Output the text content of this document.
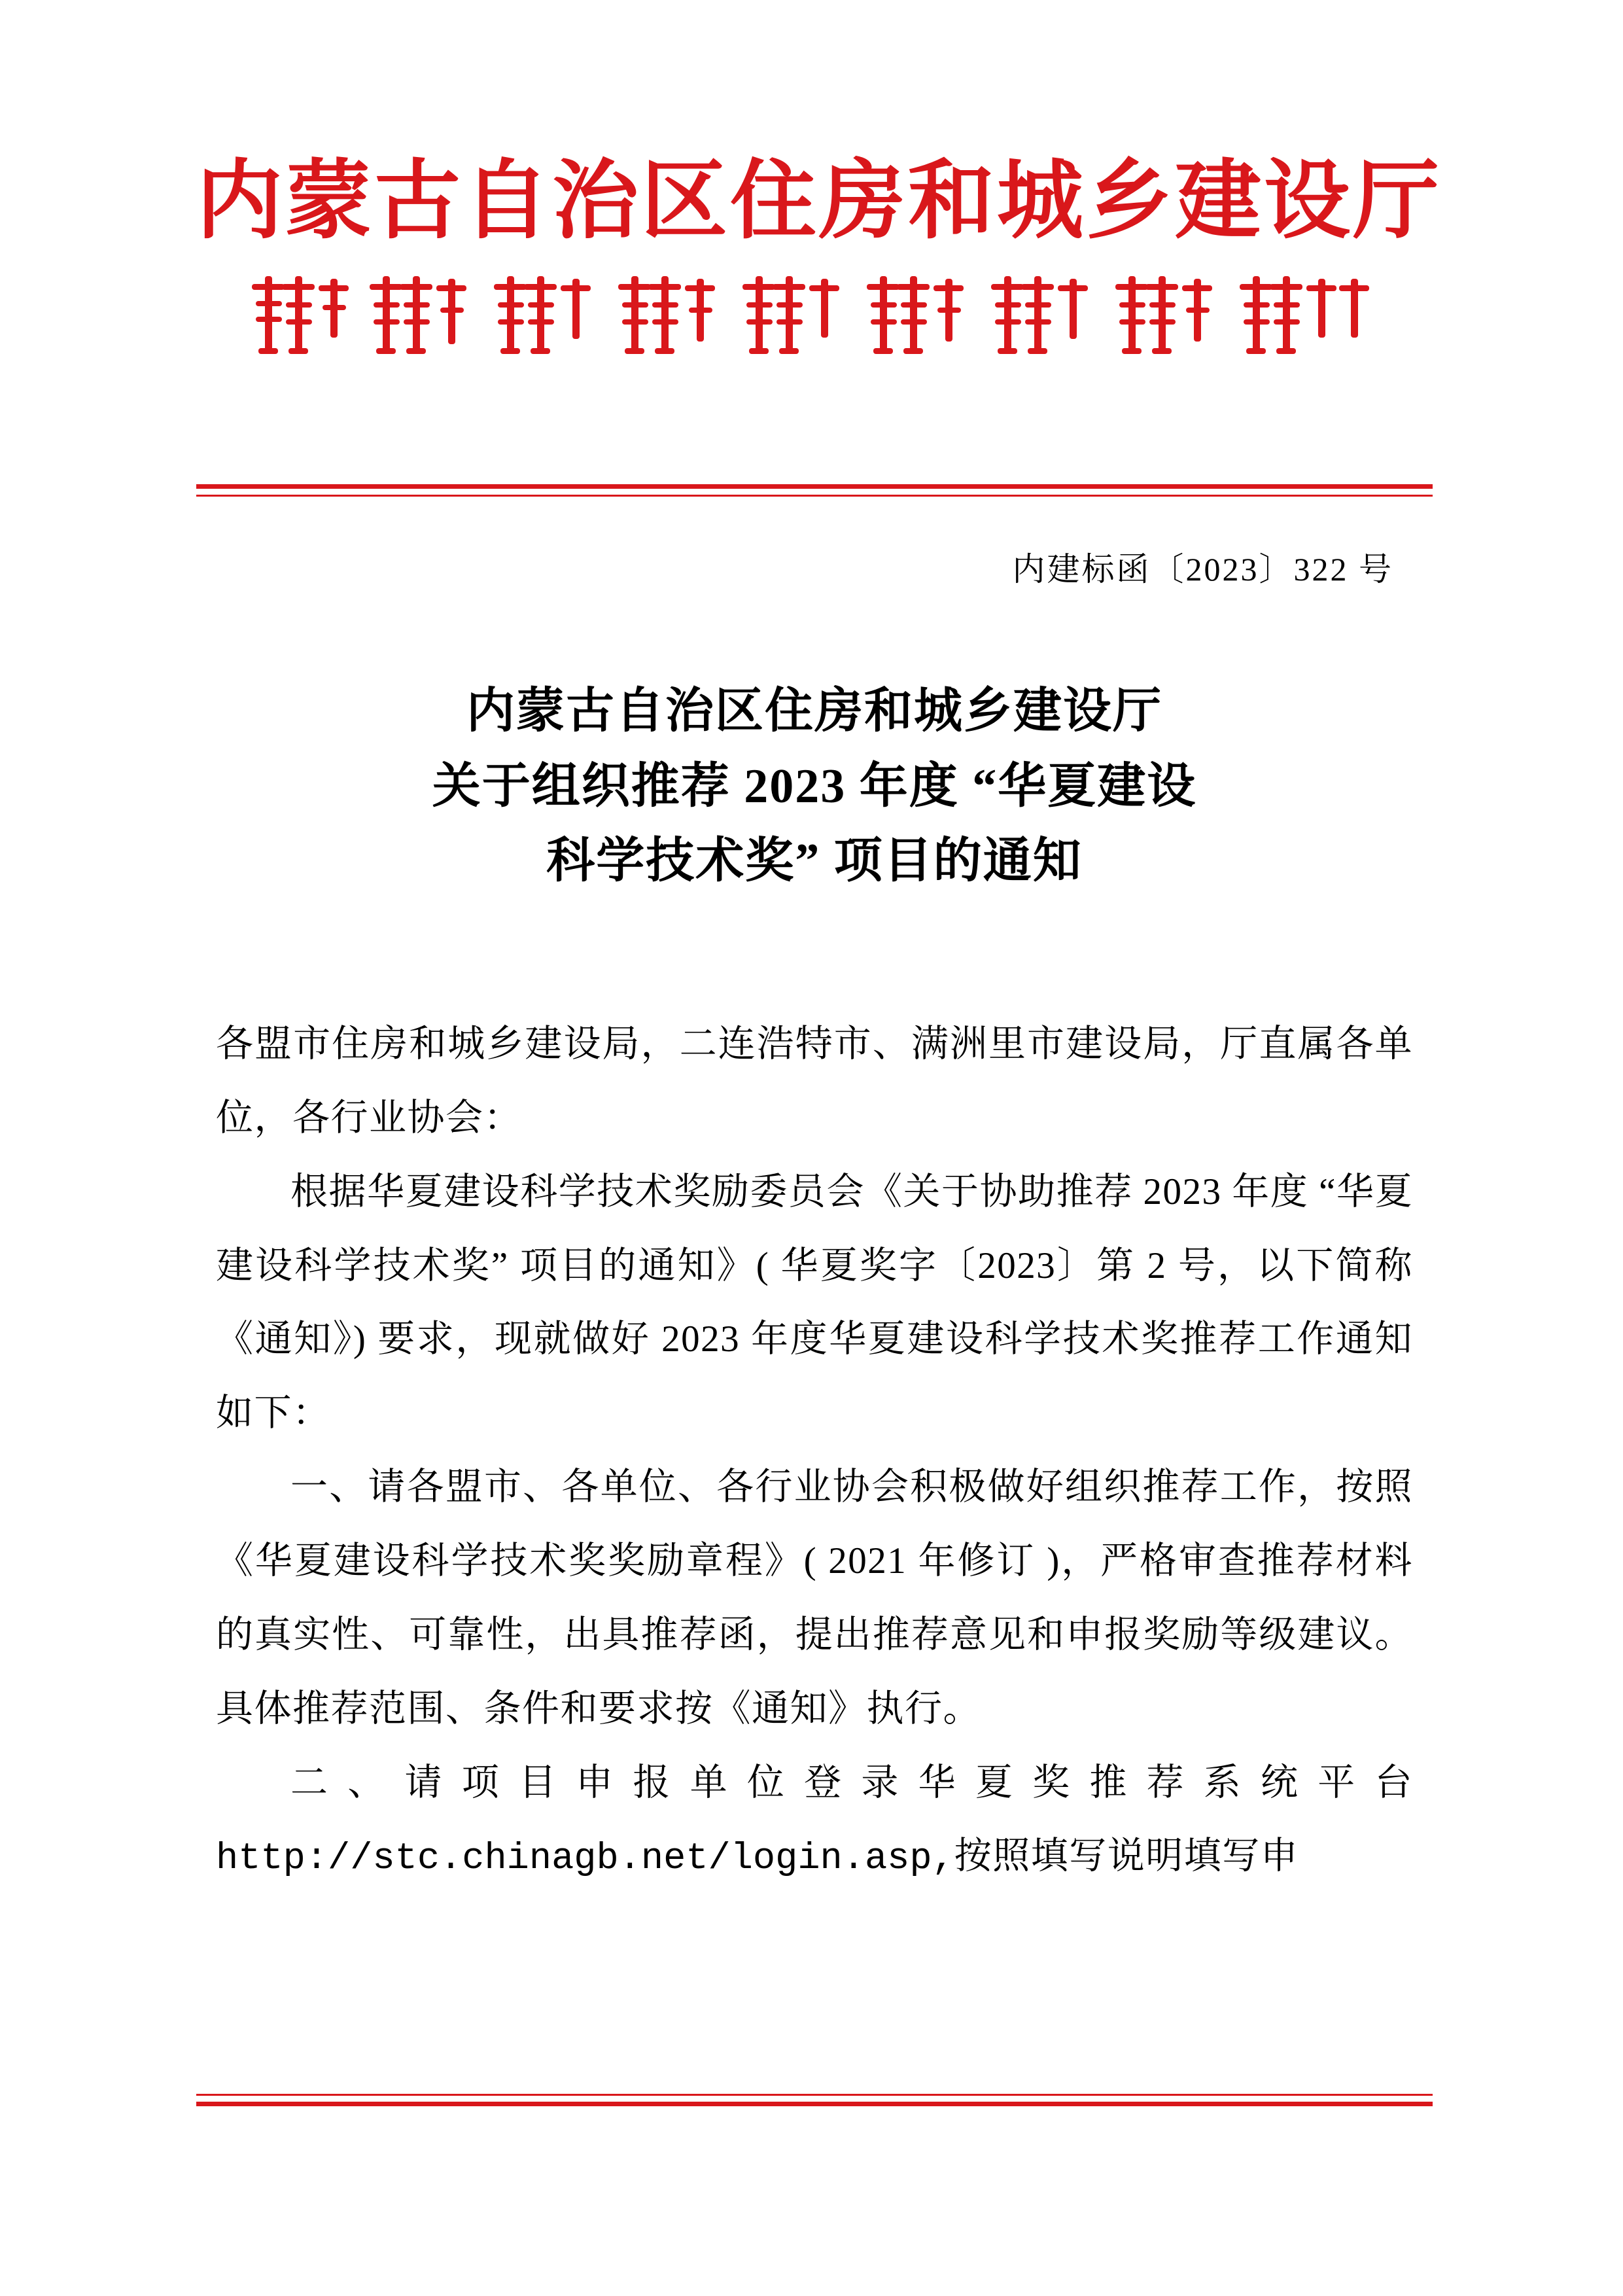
内蒙古自治区住房和城乡建设厅
内建标函〔2023〕322 号
内蒙古自治区住房和城乡建设厅
关于组织推荐 2023 年度 “华夏建设
科学技术奖” 项目的通知

各盟市住房和城乡建设局，二连浩特市、满洲里市建设局，厅直属各单位，各行业协会：

根据华夏建设科学技术奖励委员会《关于协助推荐 2023 年度 “华夏建设科学技术奖” 项目的通知》( 华夏奖字〔2023〕第 2 号，以下简称《通知》) 要求，现就做好 2023 年度华夏建设科学技术奖推荐工作通知如下：

一、请各盟市、各单位、各行业协会积极做好组织推荐工作，按照《华夏建设科学技术奖奖励章程》( 2021 年修订 )，严格审查推荐材料的真实性、可靠性，出具推荐函，提出推荐意见和申报奖励等级建议。具体推荐范围、条件和要求按《通知》执行。

二、请项目申报单位登录华夏奖推荐系统平台 http://stc.chinagb.net/login.asp,按照填写说明填写申
